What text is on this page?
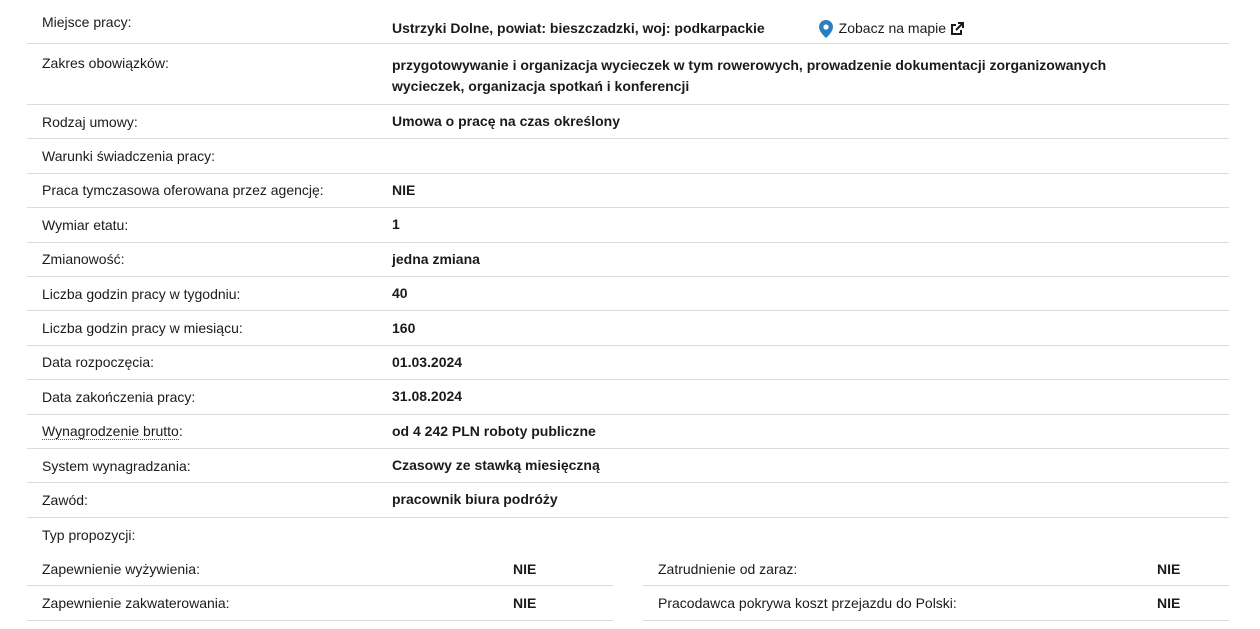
Miejsce pracy:	Ustrzyki Dolne, powiat: bieszczadzki, woj: podkarpackie	Zobacz na mapie
Zakres obowiązków:	przygotowywanie i organizacja wycieczek w tym rowerowych, prowadzenie dokumentacji zorganizowanych wycieczek, organizacja spotkań i konferencji
Rodzaj umowy:	Umowa o pracę na czas określony
Warunki świadczenia pracy:
Praca tymczasowa oferowana przez agencję:	NIE
Wymiar etatu:	1
Zmianowość:	jedna zmiana
Liczba godzin pracy w tygodniu:	40
Liczba godzin pracy w miesiącu:	160
Data rozpoczęcia:	01.03.2024
Data zakończenia pracy:	31.08.2024
Wynagrodzenie brutto:	od 4 242 PLN roboty publiczne
System wynagradzania:	Czasowy ze stawką miesięczną
Zawód:	pracownik biura podróży
Typ propozycji:
Zapewnienie wyżywienia:	NIE
Zapewnienie zakwaterowania:	NIE
Zatrudnienie od zaraz:	NIE
Pracodawca pokrywa koszt przejazdu do Polski:	NIE
